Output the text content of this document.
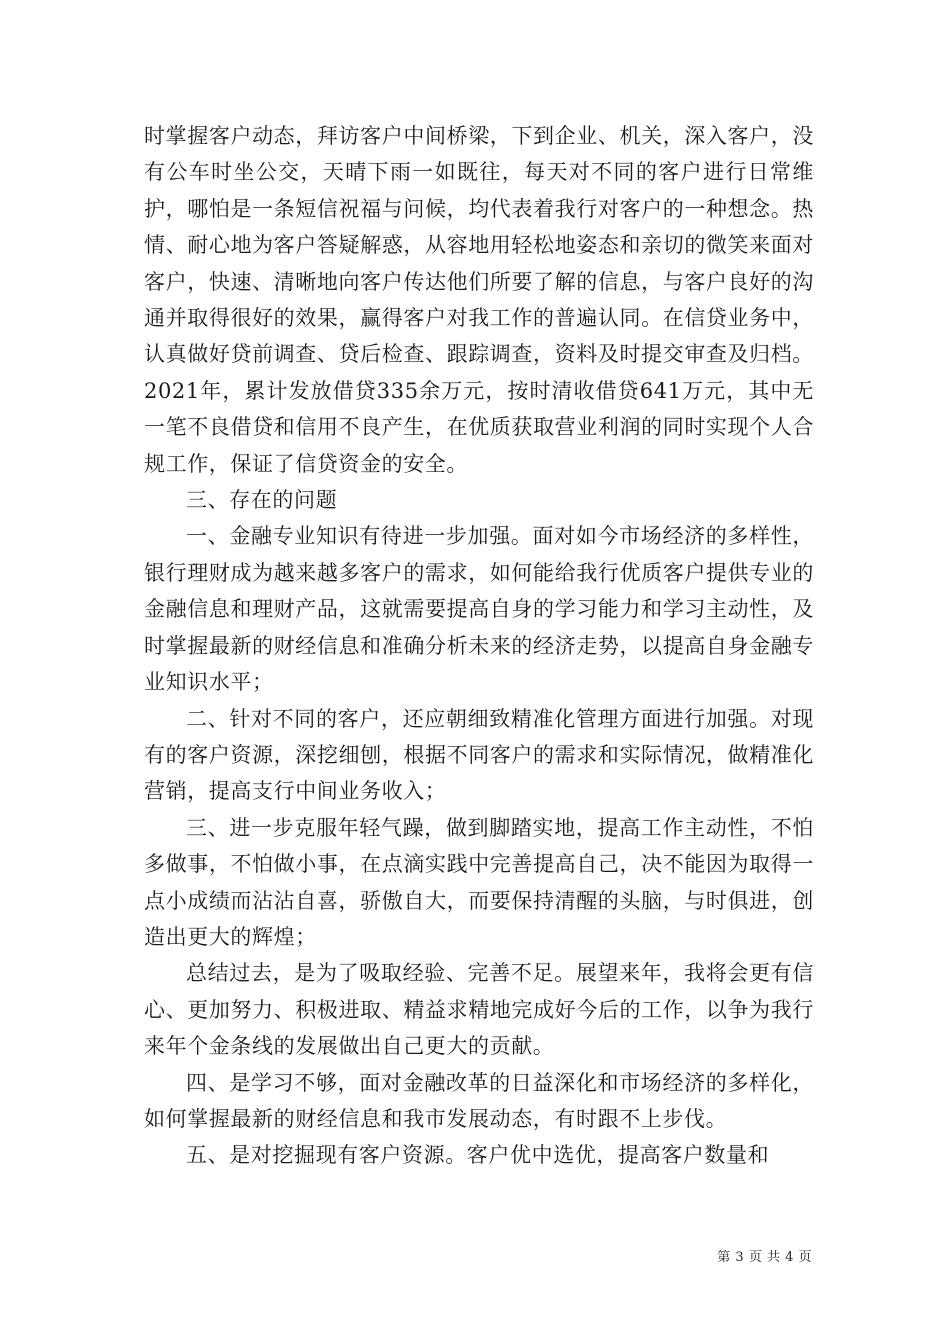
时掌握客户动态，拜访客户中间桥梁，下到企业、机关，深入客户，没有公车时坐公交，天晴下雨一如既往，每天对不同的客户进行日常维护，哪怕是一条短信祝福与问候，均代表着我行对客户的一种想念。热情、耐心地为客户答疑解惑，从容地用轻松地姿态和亲切的微笑来面对客户，快速、清晰地向客户传达他们所要了解的信息，与客户良好的沟通并取得很好的效果，赢得客户对我工作的普遍认同。在信贷业务中，认真做好贷前调查、贷后检查、跟踪调查，资料及时提交审查及归档。2021年，累计发放借贷335余万元，按时清收借贷641万元，其中无一笔不良借贷和信用不良产生，在优质获取营业利润的同时实现个人合规工作，保证了信贷资金的安全。

三、存在的问题

一、金融专业知识有待进一步加强。面对如今市场经济的多样性，银行理财成为越来越多客户的需求，如何能给我行优质客户提供专业的金融信息和理财产品，这就需要提高自身的学习能力和学习主动性，及时掌握最新的财经信息和准确分析未来的经济走势，以提高自身金融专业知识水平；

二、针对不同的客户，还应朝细致精准化管理方面进行加强。对现有的客户资源，深挖细刨，根据不同客户的需求和实际情况，做精准化营销，提高支行中间业务收入；

三、进一步克服年轻气躁，做到脚踏实地，提高工作主动性，不怕多做事，不怕做小事，在点滴实践中完善提高自己，决不能因为取得一点小成绩而沾沾自喜，骄傲自大，而要保持清醒的头脑，与时俱进，创造出更大的辉煌；

总结过去，是为了吸取经验、完善不足。展望来年，我将会更有信心、更加努力、积极进取、精益求精地完成好今后的工作，以争为我行来年个金条线的发展做出自己更大的贡献。

四、是学习不够，面对金融改革的日益深化和市场经济的多样化，如何掌握最新的财经信息和我市发展动态，有时跟不上步伐。

五、是对挖掘现有客户资源。客户优中选优，提高客户数量和

第 3 页 共 4 页
